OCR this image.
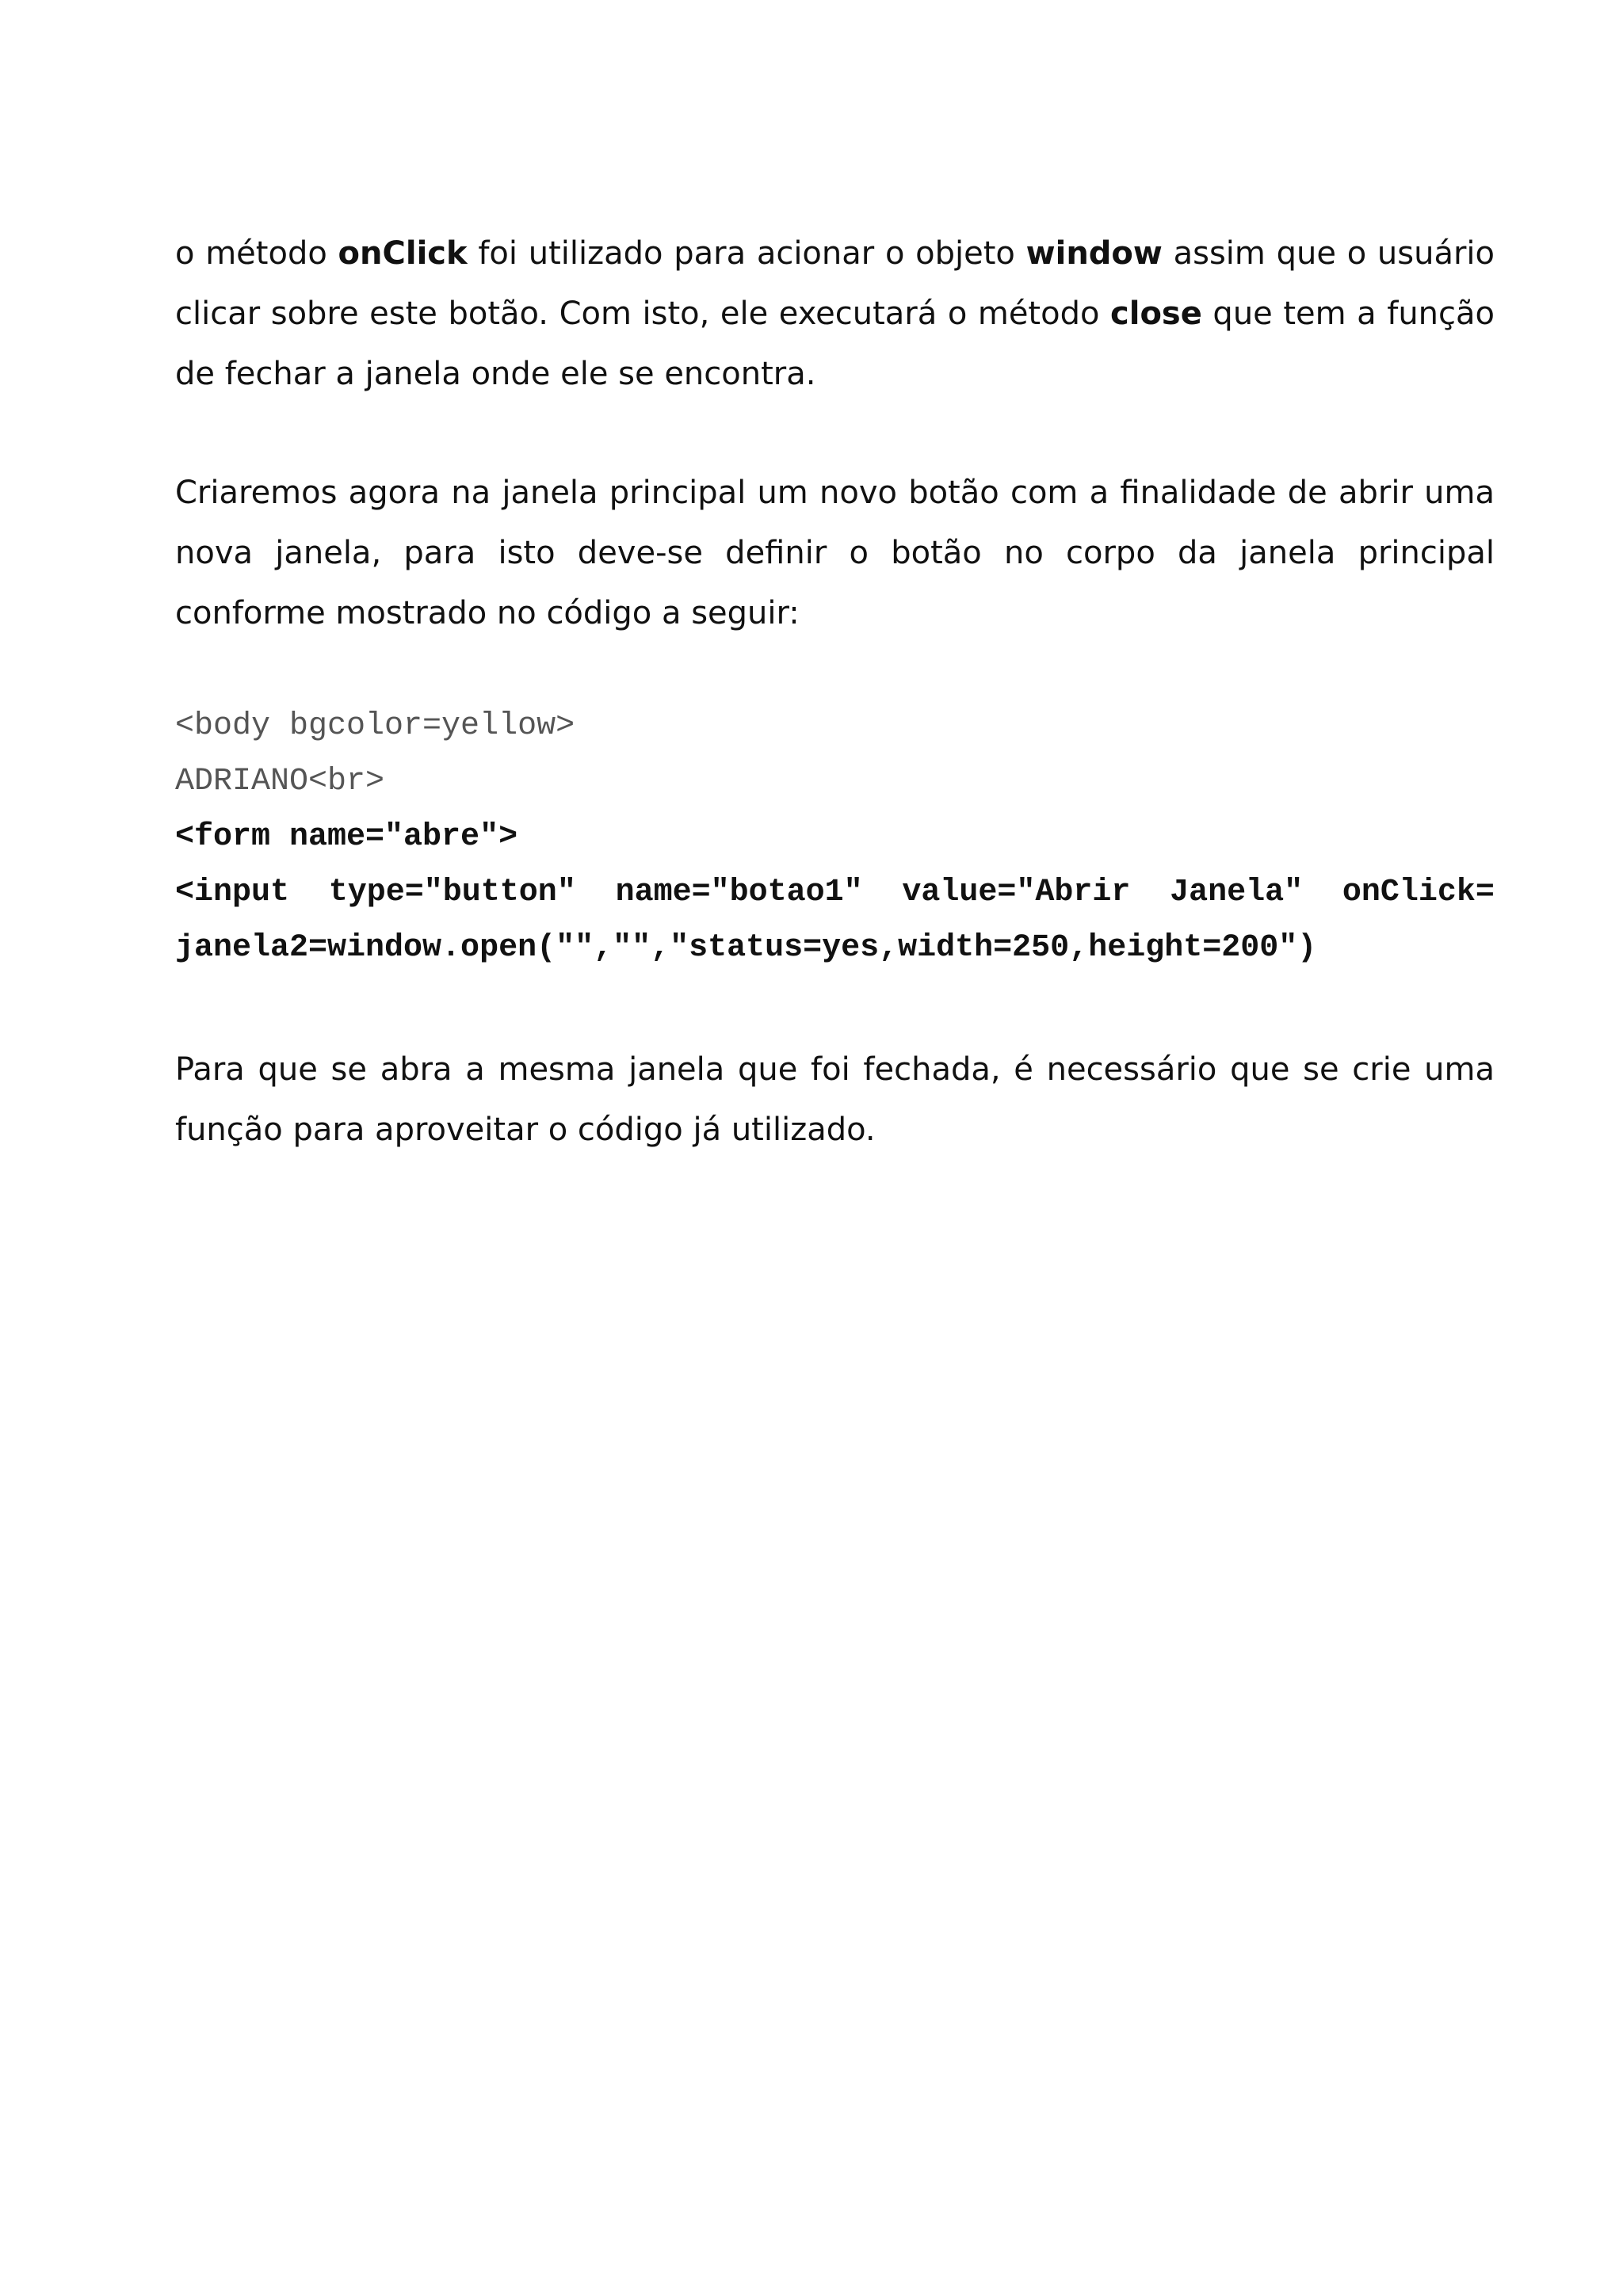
o método onClick foi utilizado para acionar o objeto window assim que o usuário clicar sobre este botão. Com isto, ele executará o método close que tem a função de fechar a janela onde ele se encontra.

Criaremos agora na janela principal um novo botão com a finalidade de abrir uma nova janela, para isto deve-se definir o botão no corpo da janela principal conforme mostrado no código a seguir:

<body bgcolor=yellow>
ADRIANO<br>
<form name="abre">
<input type="button" name="botao1" value="Abrir Janela" onClick=
janela2=window.open("","","status=yes,width=250,height=200")

Para que se abra a mesma janela que foi fechada, é necessário que se crie uma função para aproveitar o código já utilizado.
